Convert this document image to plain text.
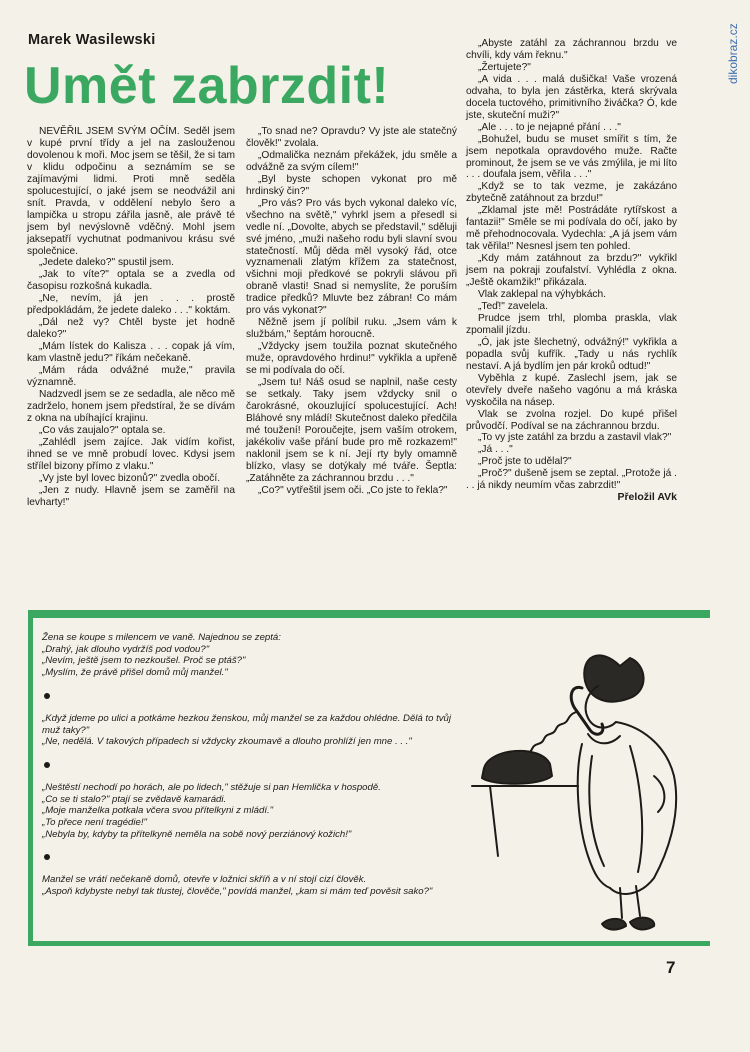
Marek Wasilewski
Umět zabrzdit!

NEVĚŘIL JSEM SVÝM OČÍM. Seděl jsem v kupé první třídy a jel na zaslouženou dovolenou k moři. Moc jsem se těšil, že si tam v klidu odpočinu a seznámím se se zajímavými lidmi. Proti mně seděla spolucestující, o jaké jsem se neodvážil ani snít. Pravda, v oddělení nebylo šero a lampička u stropu zářila jasně, ale právě té jsem byl nevýslovně vděčný. Mohl jsem jaksepatří vychutnat podmanivou krásu své společnice.

„Jedete daleko?" spustil jsem.

„Jak to víte?" optala se a zvedla od časopisu rozkošná kukadla.

„Ne, nevím, já jen . . . prostě předpokládám, že jedete daleko . . ." koktám.

„Dál než vy? Chtěl byste jet hodně daleko?"

„Mám lístek do Kalisza . . . copak já vím, kam vlastně jedu?" říkám nečekaně.

„Mám ráda odvážné muže," pravila významně.

Nadzvedl jsem se ze sedadla, ale něco mě zadrželo, honem jsem předstíral, že se dívám z okna na ubíhající krajinu.

„Co vás zaujalo?" optala se.

„Zahlédl jsem zajíce. Jak vidím kořist, ihned se ve mně probudí lovec. Kdysi jsem střílel bizony přímo z vlaku."

„Vy jste byl lovec bizonů?" zvedla obočí.

„Jen z nudy. Hlavně jsem se zaměřil na levharty!"

„To snad ne? Opravdu? Vy jste ale statečný člověk!" zvolala.

„Odmalička neznám překážek, jdu směle a odvážně za svým cílem!"

„Byl byste schopen vykonat pro mě hrdinský čin?"

„Pro vás? Pro vás bych vykonal daleko víc, všechno na světě," vyhrkl jsem a přesedl si vedle ní. „Dovolte, abych se představil," sděluji své jméno, „muži našeho rodu byli slavní svou statečností. Můj děda měl vysoký řád, otce vyznamenali zlatým křížem za statečnost, všichni moji předkové se pokryli slávou při obraně vlasti! Snad si nemyslíte, že poruším tradice předků? Mluvte bez zábran! Co mám pro vás vykonat?"

Něžně jsem jí políbil ruku. „Jsem vám k službám," šeptám horoucně.

„Vždycky jsem toužila poznat skutečného muže, opravdového hrdinu!" vykřikla a upřeně se mi podívala do očí.

„Jsem tu! Náš osud se naplnil, naše cesty se setkaly. Taky jsem vždycky snil o čarokrásné, okouzlující spolucestující. Ach! Bláhové sny mládí! Skutečnost daleko předčila mé toužení! Poroučejte, jsem vaším otrokem, jakékoliv vaše přání bude pro mě rozkazem!" naklonil jsem se k ní. Její rty byly omamně blízko, vlasy se dotýkaly mé tváře. Šeptla: „Zatáhněte za záchrannou brzdu . . ."

„Co?" vytřeštil jsem oči. „Co jste to řekla?"

„Abyste zatáhl za záchrannou brzdu ve chvíli, kdy vám řeknu."

„Žertujete?"

„A vida . . . malá dušička! Vaše vrozená odvaha, to byla jen zástěrka, která skrývala docela tuctového, primitivního živáčka? Ó, kde jste, skuteční muži?"

„Ale . . . to je nejapné přání . . ."

„Bohužel, budu se muset smířit s tím, že jsem nepotkala opravdového muže. Račte prominout, že jsem se ve vás zmýlila, je mi líto . . . doufala jsem, věřila . . ."

„Když se to tak vezme, je zakázáno zbytečně zatáhnout za brzdu!"

„Zklamal jste mě! Postrádáte rytířskost a fantazii!" Směle se mi podívala do očí, jako by mě přehodnocovala. Vydechla: „A já jsem vám tak věřila!" Nesnesl jsem ten pohled.

„Kdy mám zatáhnout za brzdu?" vykřikl jsem na pokraji zoufalství. Vyhlédla z okna. „Ještě okamžik!" přikázala.

Vlak zaklepal na výhybkách.

„Teď!" zavelela.

Prudce jsem trhl, plomba praskla, vlak zpomalil jízdu.

„Ó, jak jste šlechetný, odvážný!" vykřikla a popadla svůj kufřík. „Tady u nás rychlík nestaví. A já bydlím jen pár kroků odtud!"

Vyběhla z kupé. Zaslechl jsem, jak se otevřely dveře našeho vagónu a má kráska vyskočila na násep.

Vlak se zvolna rozjel. Do kupé přišel průvodčí. Podíval se na záchrannou brzdu.

„To vy jste zatáhl za brzdu a zastavil vlak?"

„Já . . ."

„Proč jste to udělal?"

„Proč?" dušeně jsem se zeptal. „Protože já . . . já nikdy neumím včas zabrzdit!"

Přeložil AVk

dikobraz.cz

Žena se koupe s milencem ve vaně. Najednou se zeptá:

„Drahý, jak dlouho vydržíš pod vodou?"

„Nevím, ještě jsem to nezkoušel. Proč se ptáš?"

„Myslím, že právě přišel domů můj manžel."

„Když jdeme po ulici a potkáme hezkou ženskou, můj manžel se za každou ohlédne. Dělá to tvůj muž taky?"

„Ne, nedělá. V takových případech si vždycky zkoumavě a dlouho prohlíží jen mne . . ."

„Neštěstí nechodí po horách, ale po lidech," stěžuje si pan Hemlička v hospodě.

„Co se ti stalo?" ptají se zvědavě kamarádi.

„Moje manželka potkala včera svou přítelkyni z mládí."

„To přece není tragédie!"

„Nebyla by, kdyby ta přítelkyně neměla na sobě nový perziánový kožich!"

Manžel se vrátí nečekaně domů, otevře v ložnici skříň a v ní stojí cizí člověk.

„Aspoň kdybyste nebyl tak tlustej, člověče," povídá manžel, „kam si mám teď pověsit sako?"

7
